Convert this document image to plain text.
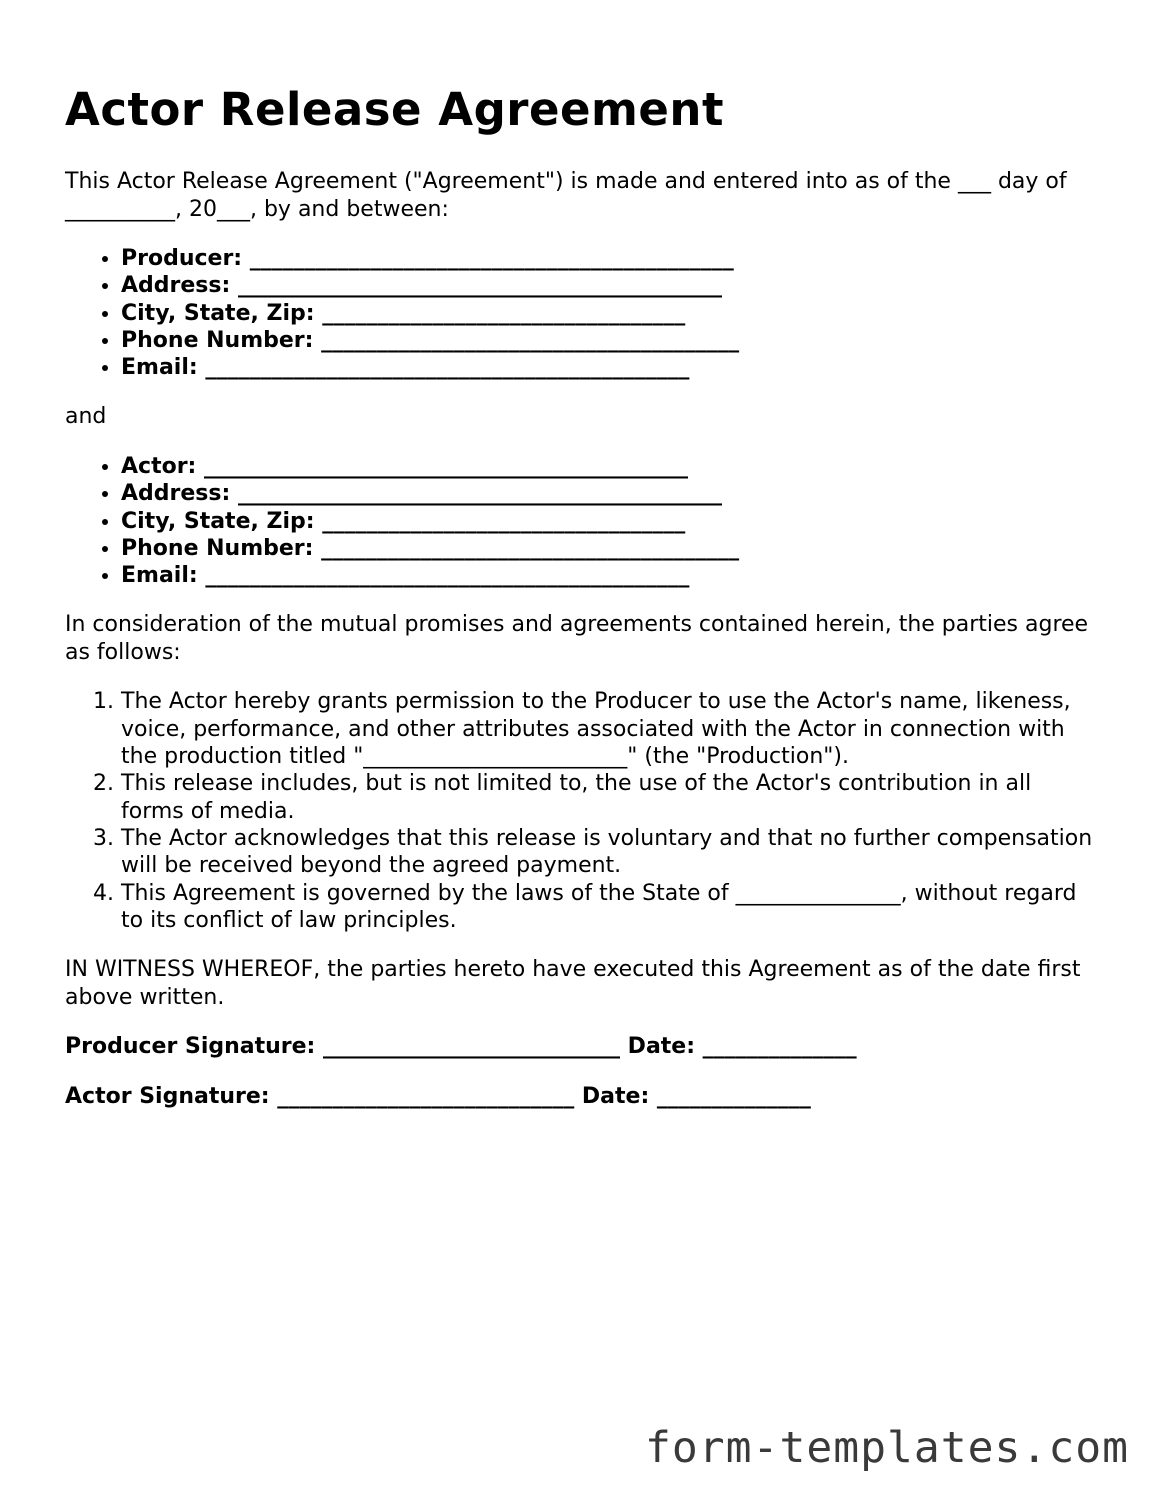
Actor Release Agreement

This Actor Release Agreement ("Agreement") is made and entered into as of the ___ day of __________, 20___, by and between:

• Producer: ____________________________________________
• Address: ____________________________________________
• City, State, Zip: _________________________________
• Phone Number: ______________________________________
• Email: ____________________________________________

and

• Actor: ____________________________________________
• Address: ____________________________________________
• City, State, Zip: _________________________________
• Phone Number: ______________________________________
• Email: ____________________________________________

In consideration of the mutual promises and agreements contained herein, the parties agree as follows:

1. The Actor hereby grants permission to the Producer to use the Actor's name, likeness, voice, performance, and other attributes associated with the Actor in connection with the production titled "________________________" (the "Production").
2. This release includes, but is not limited to, the use of the Actor's contribution in all forms of media.
3. The Actor acknowledges that this release is voluntary and that no further compensation will be received beyond the agreed payment.
4. This Agreement is governed by the laws of the State of _______________, without regard to its conflict of law principles.

IN WITNESS WHEREOF, the parties hereto have executed this Agreement as of the date first above written.

Producer Signature: ___________________________ Date: ______________

Actor Signature: ___________________________ Date: ______________

form-templates.com
